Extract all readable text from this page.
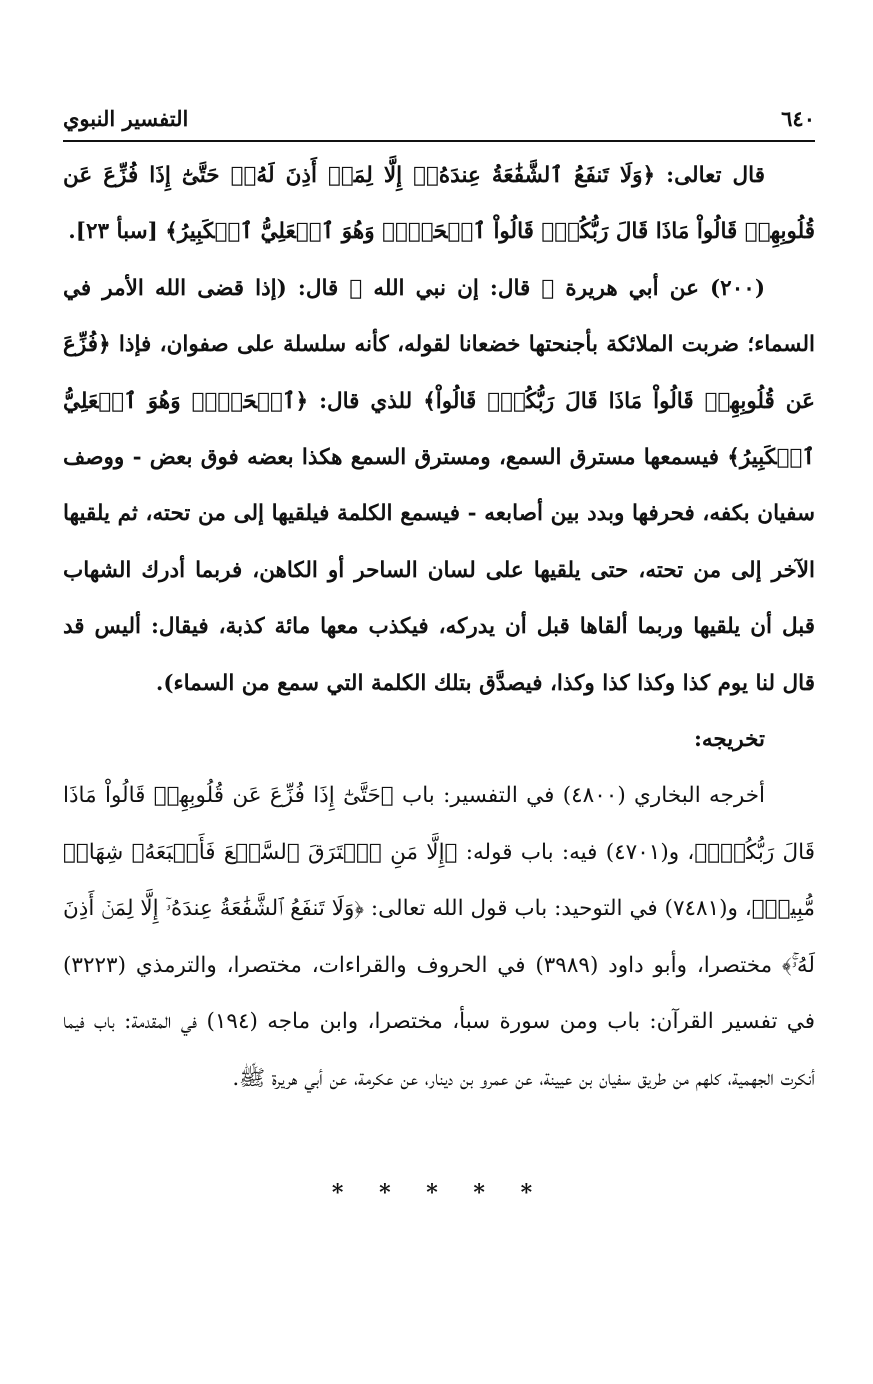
٦٤٠
التفسير النبوي

قال تعالى: ﴿وَلَا تَنفَعُ ٱلشَّفَٰعَةُ عِندَهُۥٓ إِلَّا لِمَنۡ أَذِنَ لَهُۥۚ حَتَّىٰٓ إِذَا فُزِّعَ عَن قُلُوبِهِمۡ قَالُواْ مَاذَا قَالَ رَبُّكُمۡۖ قَالُواْ ٱلۡحَقَّۖ وَهُوَ ٱلۡعَلِيُّ ٱلۡكَبِيرُ﴾ [سبأ ٢٣].

(٢٠٠) عن أبي هريرة ﷺ قال: إن نبي الله ﷺ قال: (إذا قضى الله الأمر في السماء؛ ضربت الملائكة بأجنحتها خضعانا لقوله، كأنه سلسلة على صفوان، فإذا ﴿فُزِّعَ عَن قُلُوبِهِمۡ قَالُواْ مَاذَا قَالَ رَبُّكُمۡۖ قَالُواْ﴾ للذي قال: ﴿ٱلۡحَقَّۖ وَهُوَ ٱلۡعَلِيُّ ٱلۡكَبِيرُ﴾ فيسمعها مسترق السمع، ومسترق السمع هكذا بعضه فوق بعض - ووصف سفيان بكفه، فحرفها وبدد بين أصابعه - فيسمع الكلمة فيلقيها إلى من تحته، ثم يلقيها الآخر إلى من تحته، حتى يلقيها على لسان الساحر أو الكاهن، فربما أدرك الشهاب قبل أن يلقيها وربما ألقاها قبل أن يدركه، فيكذب معها مائة كذبة، فيقال: أليس قد قال لنا يوم كذا وكذا كذا وكذا، فيصدَّق بتلك الكلمة التي سمع من السماء).

تخريجه:

أخرجه البخاري (٤٨٠٠) في التفسير: باب ﴿حَتَّىٰٓ إِذَا فُزِّعَ عَن قُلُوبِهِمۡ قَالُواْ مَاذَا قَالَ رَبُّكُمۡۖ﴾، و(٤٧٠١) فيه: باب قوله: ﴿إِلَّا مَنِ ٱسۡتَرَقَ ٱلسَّمۡعَ فَأَتۡبَعَهُۥ شِهَابٞ مُّبِينٞ﴾، و(٧٤٨١) في التوحيد: باب قول الله تعالى: ﴿وَلَا تَنفَعُ ٱلشَّفَٰعَةُ عِندَهُۥٓ إِلَّا لِمَنۡ أَذِنَ لَهُۥۚ﴾ مختصرا، وأبو داود (٣٩٨٩) في الحروف والقراءات، مختصرا، والترمذي (٣٢٢٣) في تفسير القرآن: باب ومن سورة سبأ، مختصرا، وابن ماجه (١٩٤) في المقدمة: باب فيما أنكرت الجهمية، كلهم من طريق سفيان بن عيينة، عن عمرو بن دينار، عن عكرمة، عن أبي هريرة ﷺ.

* * * * *
